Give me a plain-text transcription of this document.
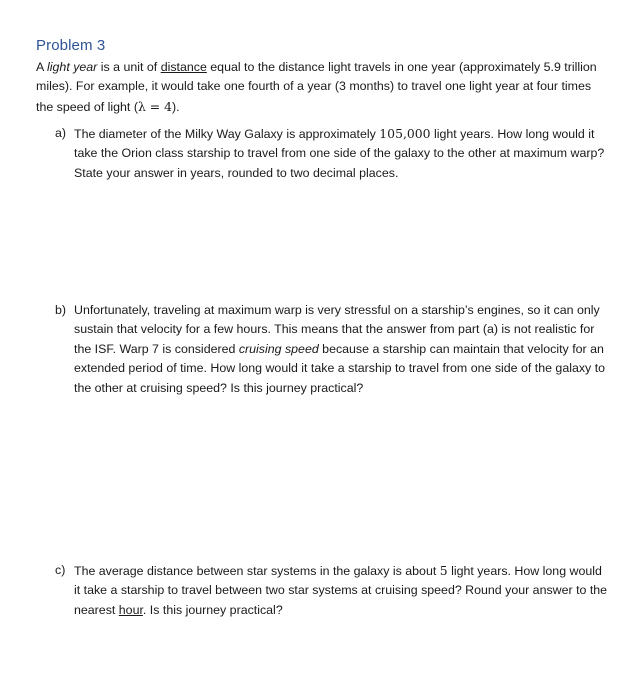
Problem 3

A light year is a unit of distance equal to the distance light travels in one year (approximately 5.9 trillion miles). For example, it would take one fourth of a year (3 months) to travel one light year at four times the speed of light (λ = 4).

a) The diameter of the Milky Way Galaxy is approximately 105,000 light years. How long would it take the Orion class starship to travel from one side of the galaxy to the other at maximum warp? State your answer in years, rounded to two decimal places.
b) Unfortunately, traveling at maximum warp is very stressful on a starship’s engines, so it can only sustain that velocity for a few hours. This means that the answer from part (a) is not realistic for the ISF. Warp 7 is considered cruising speed because a starship can maintain that velocity for an extended period of time. How long would it take a starship to travel from one side of the galaxy to the other at cruising speed? Is this journey practical?
c) The average distance between star systems in the galaxy is about 5 light years. How long would it take a starship to travel between two star systems at cruising speed? Round your answer to the nearest hour. Is this journey practical?
